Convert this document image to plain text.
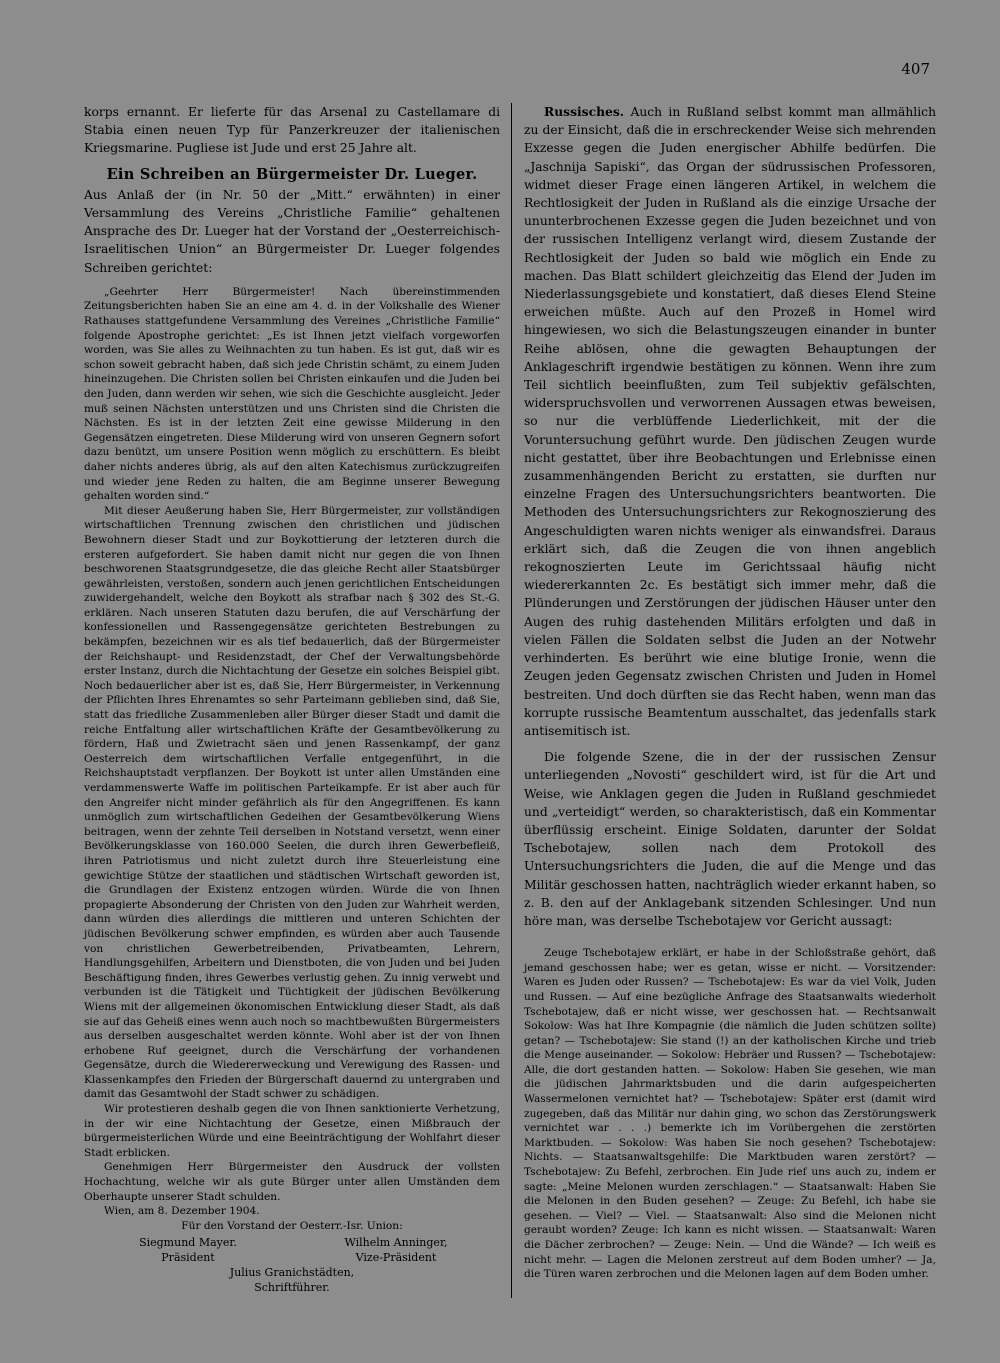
407

korps ernannt. Er lieferte für das Arsenal zu Castellamare di Stabia einen neuen Typ für Panzerkreuzer der italienischen Kriegsmarine. Pugliese ist Jude und erst 25 Jahre alt.

Ein Schreiben an Bürgermeister Dr. Lueger.

Aus Anlaß der (in Nr. 50 der „Mitt.“ erwähnten) in einer Versammlung des Vereins „Christliche Familie“ gehaltenen Ansprache des Dr. Lueger hat der Vorstand der „Oesterreichisch-Israelitischen Union“ an Bürgermeister Dr. Lueger folgendes Schreiben gerichtet:

„Geehrter Herr Bürgermeister! Nach übereinstimmenden Zeitungsberichten haben Sie an eine am 4. d. in der Volkshalle des Wiener Rathauses stattgefundene Versammlung des Vereines „Christliche Familie“ folgende Apostrophe gerichtet: „Es ist Ihnen jetzt vielfach vorgeworfen worden, was Sie alles zu Weihnachten zu tun haben. Es ist gut, daß wir es schon soweit gebracht haben, daß sich jede Christin schämt, zu einem Juden hineinzugehen. Die Christen sollen bei Christen einkaufen und die Juden bei den Juden, dann werden wir sehen, wie sich die Geschichte ausgleicht. Jeder muß seinen Nächsten unterstützen und uns Christen sind die Christen die Nächsten. Es ist in der letzten Zeit eine gewisse Milderung in den Gegensätzen eingetreten. Diese Milderung wird von unseren Gegnern sofort dazu benützt, um unsere Position wenn möglich zu erschüttern. Es bleibt daher nichts anderes übrig, als auf den alten Katechismus zurückzugreifen und wieder jene Reden zu halten, die am Beginne unserer Bewegung gehalten worden sind.“

Mit dieser Aeußerung haben Sie, Herr Bürgermeister, zur vollständigen wirtschaftlichen Trennung zwischen den christlichen und jüdischen Bewohnern dieser Stadt und zur Boykottierung der letzteren durch die ersteren aufgefordert. Sie haben damit nicht nur gegen die von Ihnen beschworenen Staatsgrundgesetze, die das gleiche Recht aller Staatsbürger gewährleisten, verstoßen, sondern auch jenen gerichtlichen Entscheidungen zuwidergehandelt, welche den Boykott als strafbar nach § 302 des St.-G. erklären. Nach unseren Statuten dazu berufen, die auf Verschärfung der konfessionellen und Rassengegensätze gerichteten Bestrebungen zu bekämpfen, bezeichnen wir es als tief bedauerlich, daß der Bürgermeister der Reichshaupt- und Residenzstadt, der Chef der Verwaltungsbehörde erster Instanz, durch die Nichtachtung der Gesetze ein solches Beispiel gibt. Noch bedauerlicher aber ist es, daß Sie, Herr Bürgermeister, in Verkennung der Pflichten Ihres Ehrenamtes so sehr Parteimann geblieben sind, daß Sie, statt das friedliche Zusammenleben aller Bürger dieser Stadt und damit die reiche Entfaltung aller wirtschaftlichen Kräfte der Gesamtbevölkerung zu fördern, Haß und Zwietracht säen und jenen Rassenkampf, der ganz Oesterreich dem wirtschaftlichen Verfalle entgegenführt, in die Reichshauptstadt verpflanzen. Der Boykott ist unter allen Umständen eine verdammenswerte Waffe im politischen Parteikampfe. Er ist aber auch für den Angreifer nicht minder gefährlich als für den Angegriffenen. Es kann unmöglich zum wirtschaftlichen Gedeihen der Gesamtbevölkerung Wiens beitragen, wenn der zehnte Teil derselben in Notstand versetzt, wenn einer Bevölkerungsklasse von 160.000 Seelen, die durch ihren Gewerbefleiß, ihren Patriotismus und nicht zuletzt durch ihre Steuerleistung eine gewichtige Stütze der staatlichen und städtischen Wirtschaft geworden ist, die Grundlagen der Existenz entzogen würden. Würde die von Ihnen propagierte Absonderung der Christen von den Juden zur Wahrheit werden, dann würden dies allerdings die mittleren und unteren Schichten der jüdischen Bevölkerung schwer empfinden, es würden aber auch Tausende von christlichen Gewerbetreibenden, Privatbeamten, Lehrern, Handlungsgehilfen, Arbeitern und Dienstboten, die von Juden und bei Juden Beschäftigung finden, ihres Gewerbes verlustig gehen. Zu innig verwebt und verbunden ist die Tätigkeit und Tüchtigkeit der jüdischen Bevölkerung Wiens mit der allgemeinen ökonomischen Entwicklung dieser Stadt, als daß sie auf das Geheiß eines wenn auch noch so machtbewußten Bürgermeisters aus derselben ausgeschaltet werden könnte. Wohl aber ist der von Ihnen erhobene Ruf geeignet, durch die Verschärfung der vorhandenen Gegensätze, durch die Wiedererweckung und Verewigung des Rassen- und Klassenkampfes den Frieden der Bürgerschaft dauernd zu untergraben und damit das Gesamtwohl der Stadt schwer zu schädigen.

Wir protestieren deshalb gegen die von Ihnen sanktionierte Verhetzung, in der wir eine Nichtachtung der Gesetze, einen Mißbrauch der bürgermeisterlichen Würde und eine Beeinträchtigung der Wohlfahrt dieser Stadt erblicken.

Genehmigen Herr Bürgermeister den Ausdruck der vollsten Hochachtung, welche wir als gute Bürger unter allen Umständen dem Oberhaupte unserer Stadt schulden.

Wien, am 8. Dezember 1904.

Für den Vorstand der Oesterr.-Isr. Union:

Siegmund Mayer.
Präsident
Wilhelm Anninger,
Vize-Präsident
Julius Granichstädten,
Schriftführer.

Russisches. Auch in Rußland selbst kommt man allmählich zu der Einsicht, daß die in erschreckender Weise sich mehrenden Exzesse gegen die Juden energischer Abhilfe bedürfen. Die „Jaschnija Sapiski“, das Organ der südrussischen Professoren, widmet dieser Frage einen längeren Artikel, in welchem die Rechtlosigkeit der Juden in Rußland als die einzige Ursache der ununterbrochenen Exzesse gegen die Juden bezeichnet und von der russischen Intelligenz verlangt wird, diesem Zustande der Rechtlosigkeit der Juden so bald wie möglich ein Ende zu machen. Das Blatt schildert gleichzeitig das Elend der Juden im Niederlassungsgebiete und konstatiert, daß dieses Elend Steine erweichen müßte. Auch auf den Prozeß in Homel wird hingewiesen, wo sich die Belastungszeugen einander in bunter Reihe ablösen, ohne die gewagten Behauptungen der Anklageschrift irgendwie bestätigen zu können. Wenn ihre zum Teil sichtlich beeinflußten, zum Teil subjektiv gefälschten, widerspruchsvollen und verworrenen Aussagen etwas beweisen, so nur die verblüffende Liederlichkeit, mit der die Voruntersuchung geführt wurde. Den jüdischen Zeugen wurde nicht gestattet, über ihre Beobachtungen und Erlebnisse einen zusammenhängenden Bericht zu erstatten, sie durften nur einzelne Fragen des Untersuchungsrichters beantworten. Die Methoden des Untersuchungsrichters zur Rekognoszierung des Angeschuldigten waren nichts weniger als einwandsfrei. Daraus erklärt sich, daß die Zeugen die von ihnen angeblich rekognoszierten Leute im Gerichtssaal häufig nicht wiedererkannten 2c. Es bestätigt sich immer mehr, daß die Plünderungen und Zerstörungen der jüdischen Häuser unter den Augen des ruhig dastehenden Militärs erfolgten und daß in vielen Fällen die Soldaten selbst die Juden an der Notwehr verhinderten. Es berührt wie eine blutige Ironie, wenn die Zeugen jeden Gegensatz zwischen Christen und Juden in Homel bestreiten. Und doch dürften sie das Recht haben, wenn man das korrupte russische Beamtentum ausschaltet, das jedenfalls stark antisemitisch ist.

Die folgende Szene, die in der der russischen Zensur unterliegenden „Novosti“ geschildert wird, ist für die Art und Weise, wie Anklagen gegen die Juden in Rußland geschmiedet und „verteidigt“ werden, so charakteristisch, daß ein Kommentar überflüssig erscheint. Einige Soldaten, darunter der Soldat Tschebotajew, sollen nach dem Protokoll des Untersuchungsrichters die Juden, die auf die Menge und das Militär geschossen hatten, nachträglich wieder erkannt haben, so z. B. den auf der Anklagebank sitzenden Schlesinger. Und nun höre man, was derselbe Tschebotajew vor Gericht aussagt:

Zeuge Tschebotajew erklärt, er habe in der Schloßstraße gehört, daß jemand geschossen habe; wer es getan, wisse er nicht. — Vorsitzender: Waren es Juden oder Russen? — Tschebotajew: Es war da viel Volk, Juden und Russen. — Auf eine bezügliche Anfrage des Staatsanwalts wiederholt Tschebotajew, daß er nicht wisse, wer geschossen hat. — Rechtsanwalt Sokolow: Was hat Ihre Kompagnie (die nämlich die Juden schützen sollte) getan? — Tschebotajew: Sie stand (!) an der katholischen Kirche und trieb die Menge auseinander. — Sokolow: Hebräer und Russen? — Tschebotajew: Alle, die dort gestanden hatten. — Sokolow: Haben Sie gesehen, wie man die jüdischen Jahrmarktsbuden und die darin aufgespeicherten Wassermelonen vernichtet hat? — Tschebotajew: Später erst (damit wird zugegeben, daß das Militär nur dahin ging, wo schon das Zerstörungswerk vernichtet war . . .) bemerkte ich im Vorübergehen die zerstörten Marktbuden. — Sokolow: Was haben Sie noch gesehen? Tschebotajew: Nichts. — Staatsanwaltsgehilfe: Die Marktbuden waren zerstört? — Tschebotajew: Zu Befehl, zerbrochen. Ein Jude rief uns auch zu, indem er sagte: „Meine Melonen wurden zerschlagen.“ — Staatsanwalt: Haben Sie die Melonen in den Buden gesehen? — Zeuge: Zu Befehl, ich habe sie gesehen. — Viel? — Viel. — Staatsanwalt: Also sind die Melonen nicht geraubt worden? Zeuge: Ich kann es nicht wissen. — Staatsanwalt: Waren die Dächer zerbrochen? — Zeuge: Nein. — Und die Wände? — Ich weiß es nicht mehr. — Lagen die Melonen zerstreut auf dem Boden umher? — Ja, die Türen waren zerbrochen und die Melonen lagen auf dem Boden umher.
